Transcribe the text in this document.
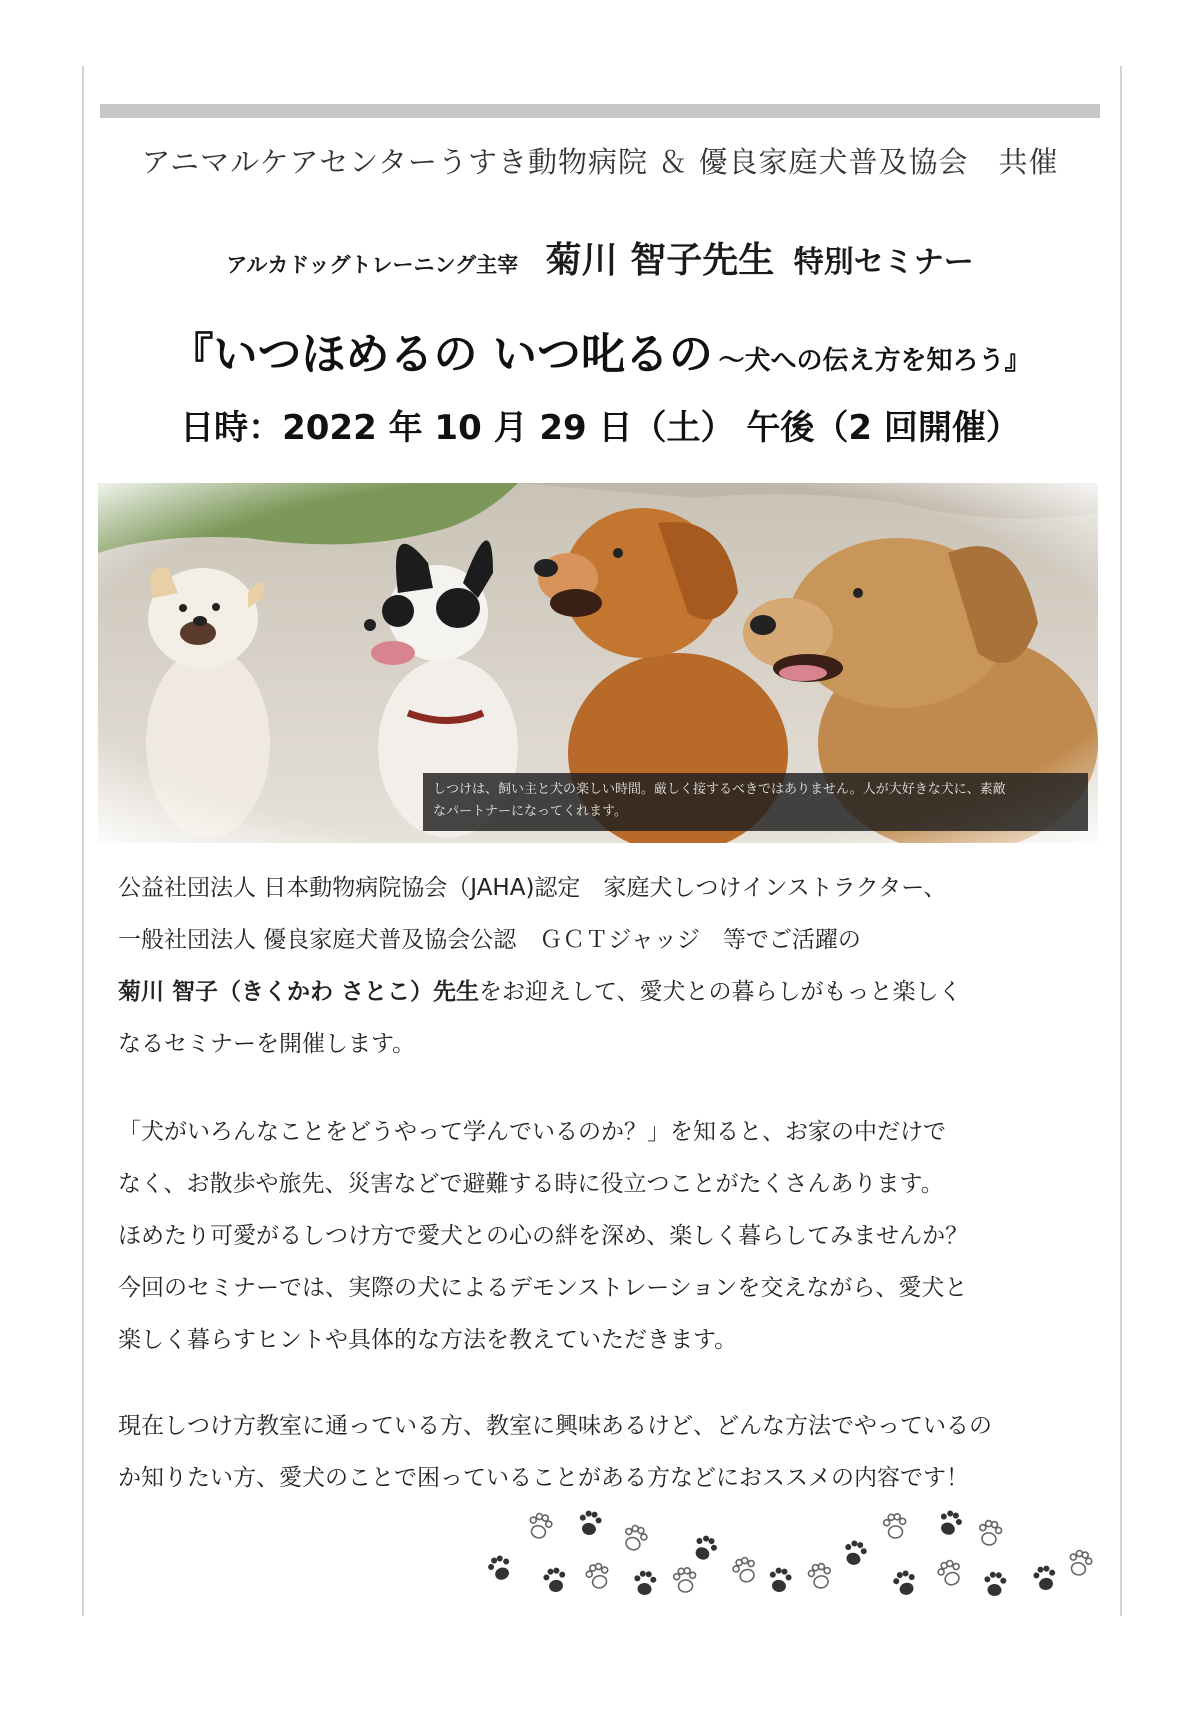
アニマルケアセンターうすき動物病院 ＆ 優良家庭犬普及協会　共催
アルカドッグトレーニング主宰 菊川 智子先生 特別セミナー
『いつほめるの いつ叱るの ～犬への伝え方を知ろう』
日時：2022 年 10 月 29 日（土） 午後（2 回開催）
しつけは、飼い主と犬の楽しい時間。厳しく接するべきではありません。人が大好きな犬に、素敵
なパートナーになってくれます。
公益社団法人 日本動物病院協会（JAHA)認定　家庭犬しつけインストラクター、
一般社団法人 優良家庭犬普及協会公認　ＧＣＴジャッジ　等でご活躍の
菊川 智子（きくかわ さとこ）先生をお迎えして、愛犬との暮らしがもっと楽しく
なるセミナーを開催します。
「犬がいろんなことをどうやって学んでいるのか？」を知ると、お家の中だけで
なく、お散歩や旅先、災害などで避難する時に役立つことがたくさんあります。
ほめたり可愛がるしつけ方で愛犬との心の絆を深め、楽しく暮らしてみませんか？
今回のセミナーでは、実際の犬によるデモンストレーションを交えながら、愛犬と
楽しく暮らすヒントや具体的な方法を教えていただきます。
現在しつけ方教室に通っている方、教室に興味あるけど、どんな方法でやっているの
か知りたい方、愛犬のことで困っていることがある方などにおススメの内容です！
